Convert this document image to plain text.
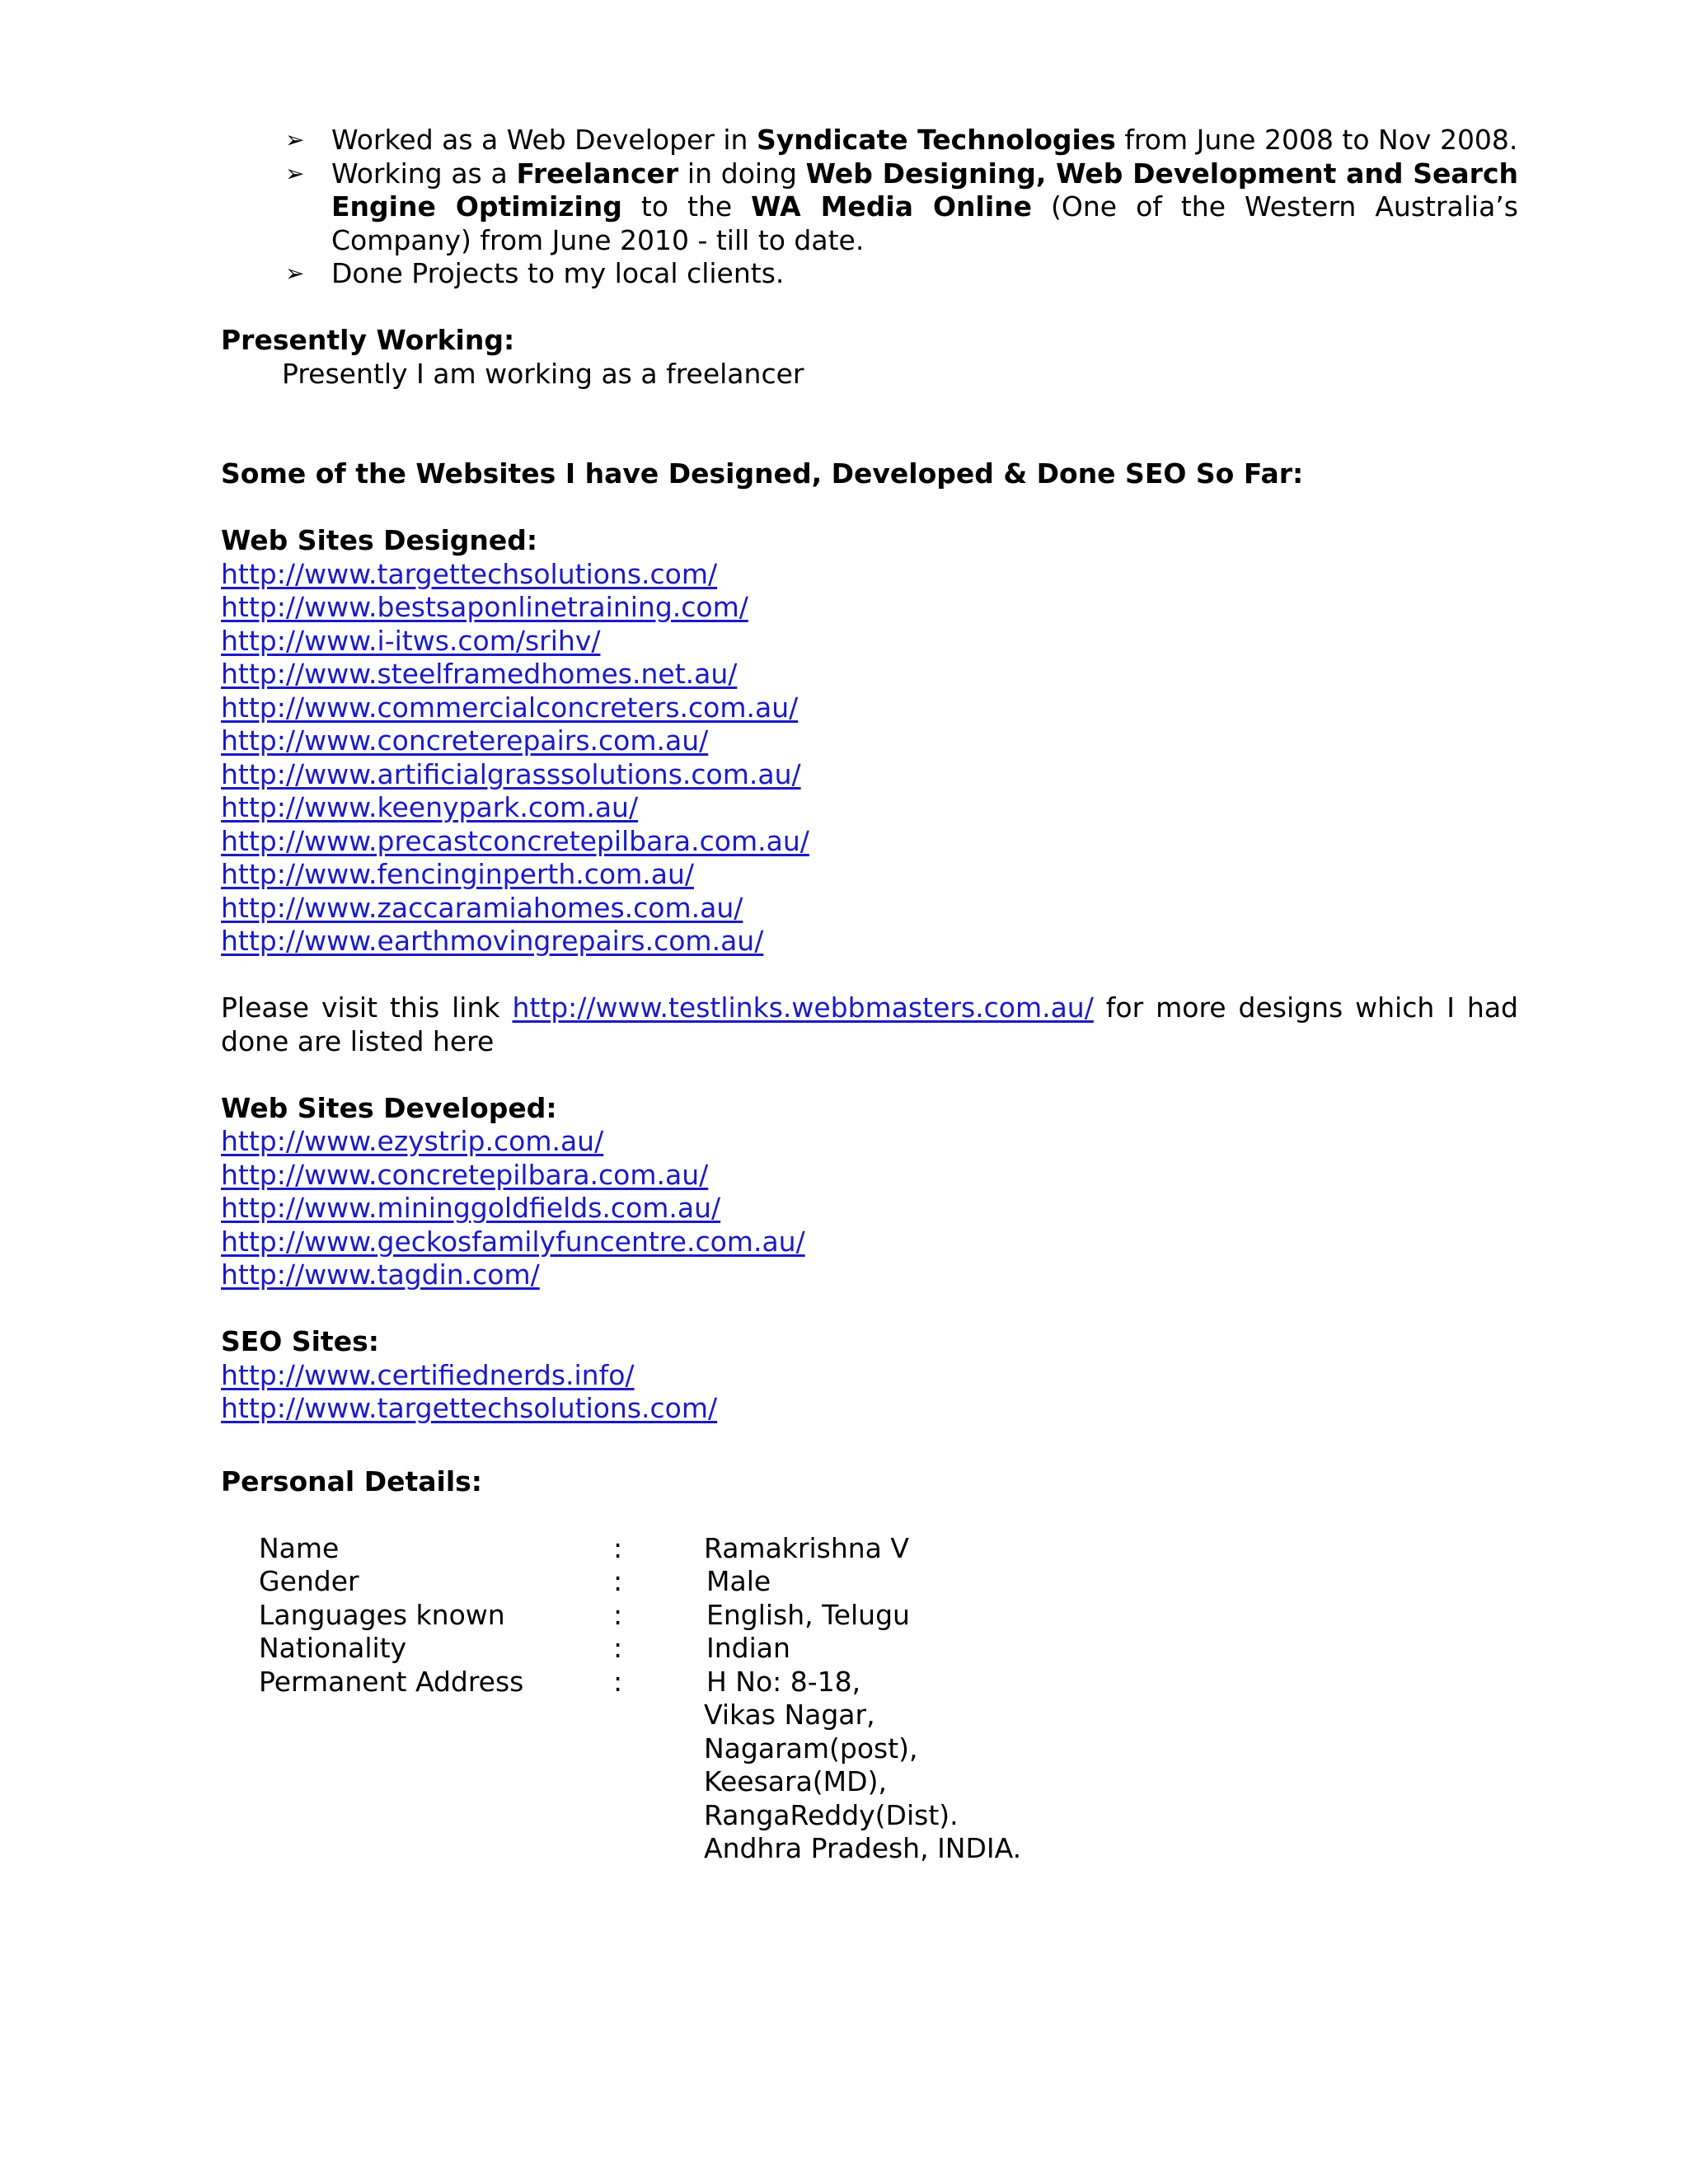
➢ Worked as a Web Developer in Syndicate Technologies from June 2008 to Nov 2008.
➢ Working as a Freelancer in doing Web Designing, Web Development and Search Engine Optimizing to the WA Media Online (One of the Western Australia’s Company) from June 2010 - till to date.
➢ Done Projects to my local clients.
Presently Working:
Presently I am working as a freelancer
Some of the Websites I have Designed, Developed & Done SEO So Far:
Web Sites Designed:
http://www.targettechsolutions.com/
http://www.bestsaponlinetraining.com/
http://www.i-itws.com/srihv/
http://www.steelframedhomes.net.au/
http://www.commercialconcreters.com.au/
http://www.concreterepairs.com.au/
http://www.artificialgrasssolutions.com.au/
http://www.keenypark.com.au/
http://www.precastconcretepilbara.com.au/
http://www.fencinginperth.com.au/
http://www.zaccaramiahomes.com.au/
http://www.earthmovingrepairs.com.au/
Please visit this link http://www.testlinks.webbmasters.com.au/ for more designs which I had done are listed here
Web Sites Developed:
http://www.ezystrip.com.au/
http://www.concretepilbara.com.au/
http://www.mininggoldfields.com.au/
http://www.geckosfamilyfuncentre.com.au/
http://www.tagdin.com/
SEO Sites:
http://www.certifiednerds.info/
http://www.targettechsolutions.com/
Personal Details:
Name	:	Ramakrishna V
Gender	:	Male
Languages known	:	English, Telugu
Nationality	:	Indian
Permanent Address	:	H No: 8-18,
Vikas Nagar,
Nagaram(post),
Keesara(MD),
RangaReddy(Dist).
Andhra Pradesh, INDIA.
